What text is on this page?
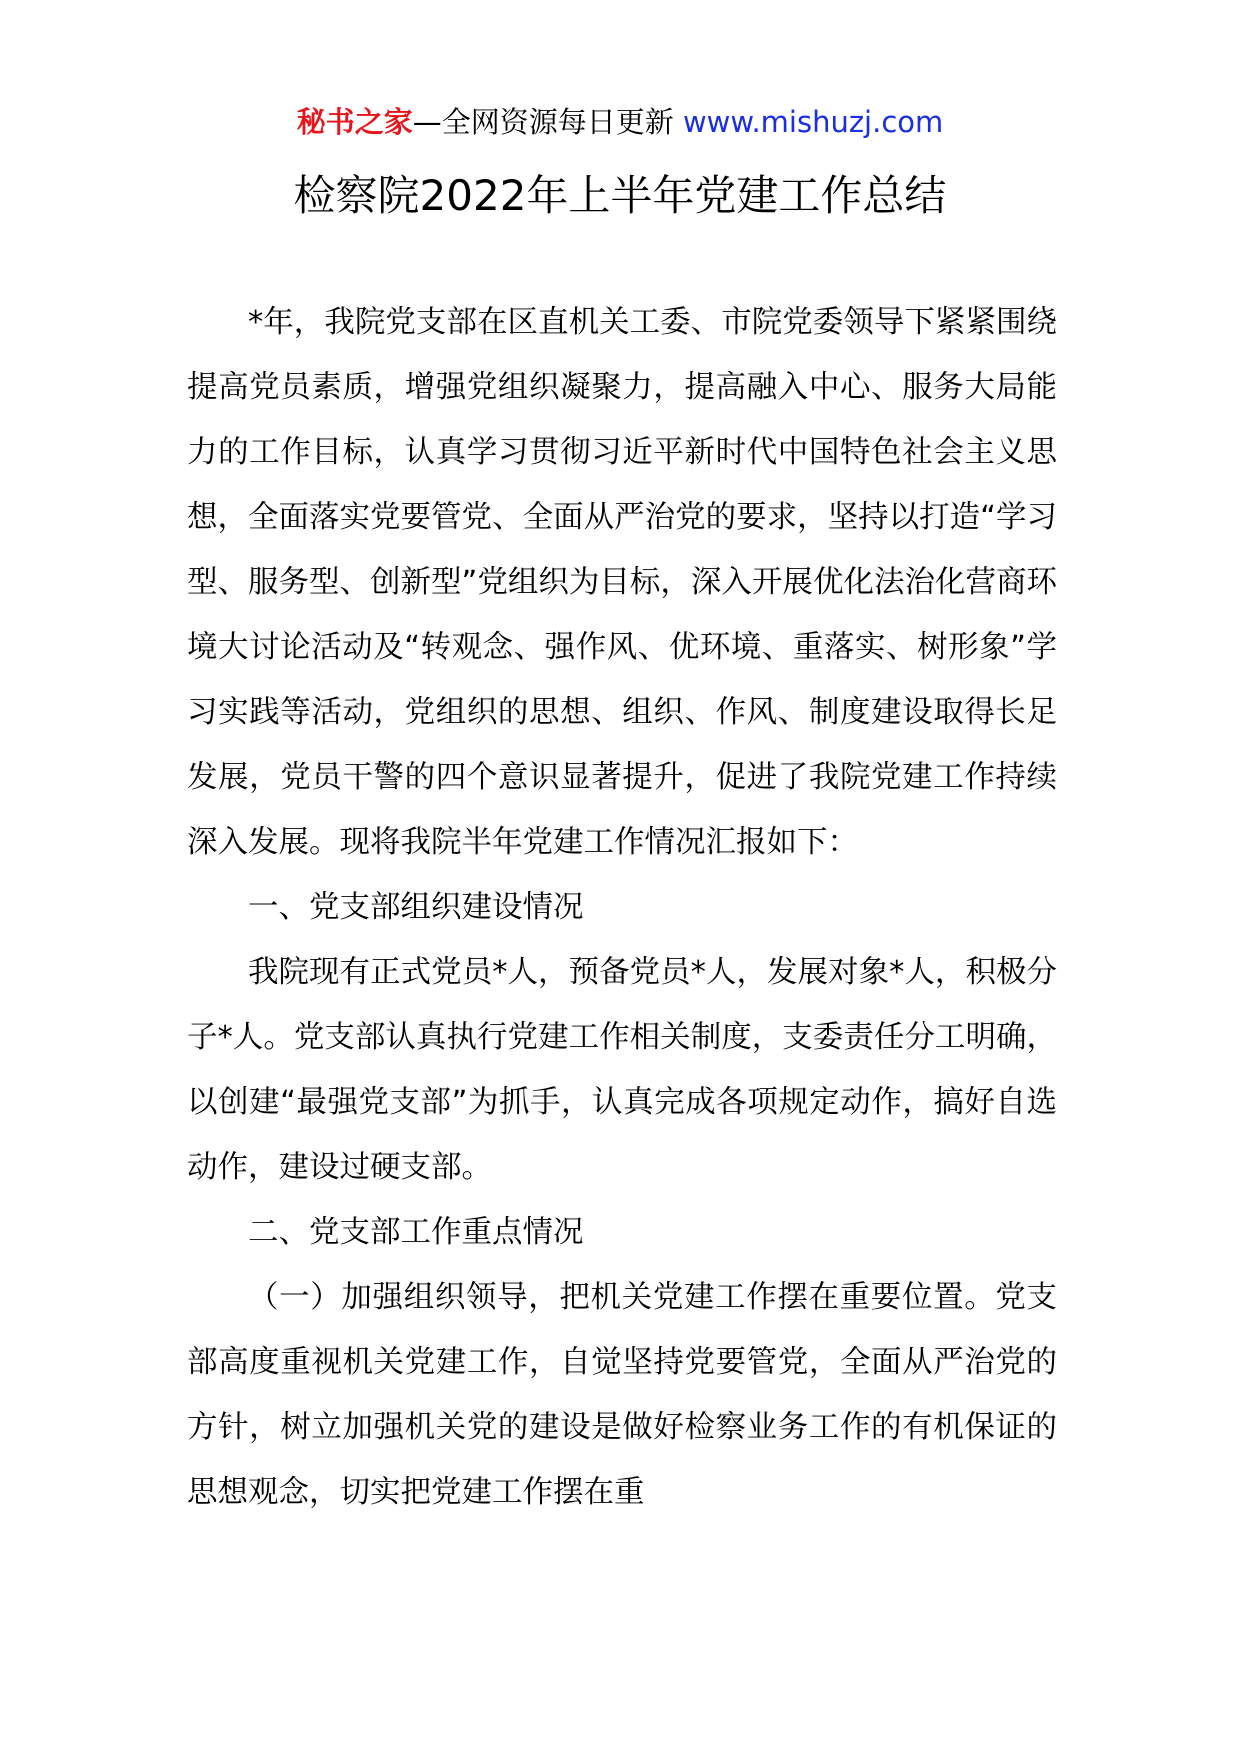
秘书之家—全网资源每日更新 www.mishuzj.com
检察院2022年上半年党建工作总结

*年，我院党支部在区直机关工委、市院党委领导下紧紧围绕提高党员素质，增强党组织凝聚力，提高融入中心、服务大局能力的工作目标，认真学习贯彻习近平新时代中国特色社会主义思想，全面落实党要管党、全面从严治党的要求，坚持以打造“学习型、服务型、创新型”党组织为目标，深入开展优化法治化营商环境大讨论活动及“转观念、强作风、优环境、重落实、树形象”学习实践等活动，党组织的思想、组织、作风、制度建设取得长足发展，党员干警的四个意识显著提升，促进了我院党建工作持续深入发展。现将我院半年党建工作情况汇报如下：

一、党支部组织建设情况

我院现有正式党员*人，预备党员*人，发展对象*人，积极分子*人。党支部认真执行党建工作相关制度，支委责任分工明确，以创建“最强党支部”为抓手，认真完成各项规定动作，搞好自选动作，建设过硬支部。

二、党支部工作重点情况

（一）加强组织领导，把机关党建工作摆在重要位置。党支部高度重视机关党建工作，自觉坚持党要管党，全面从严治党的方针，树立加强机关党的建设是做好检察业务工作的有机保证的思想观念，切实把党建工作摆在重
